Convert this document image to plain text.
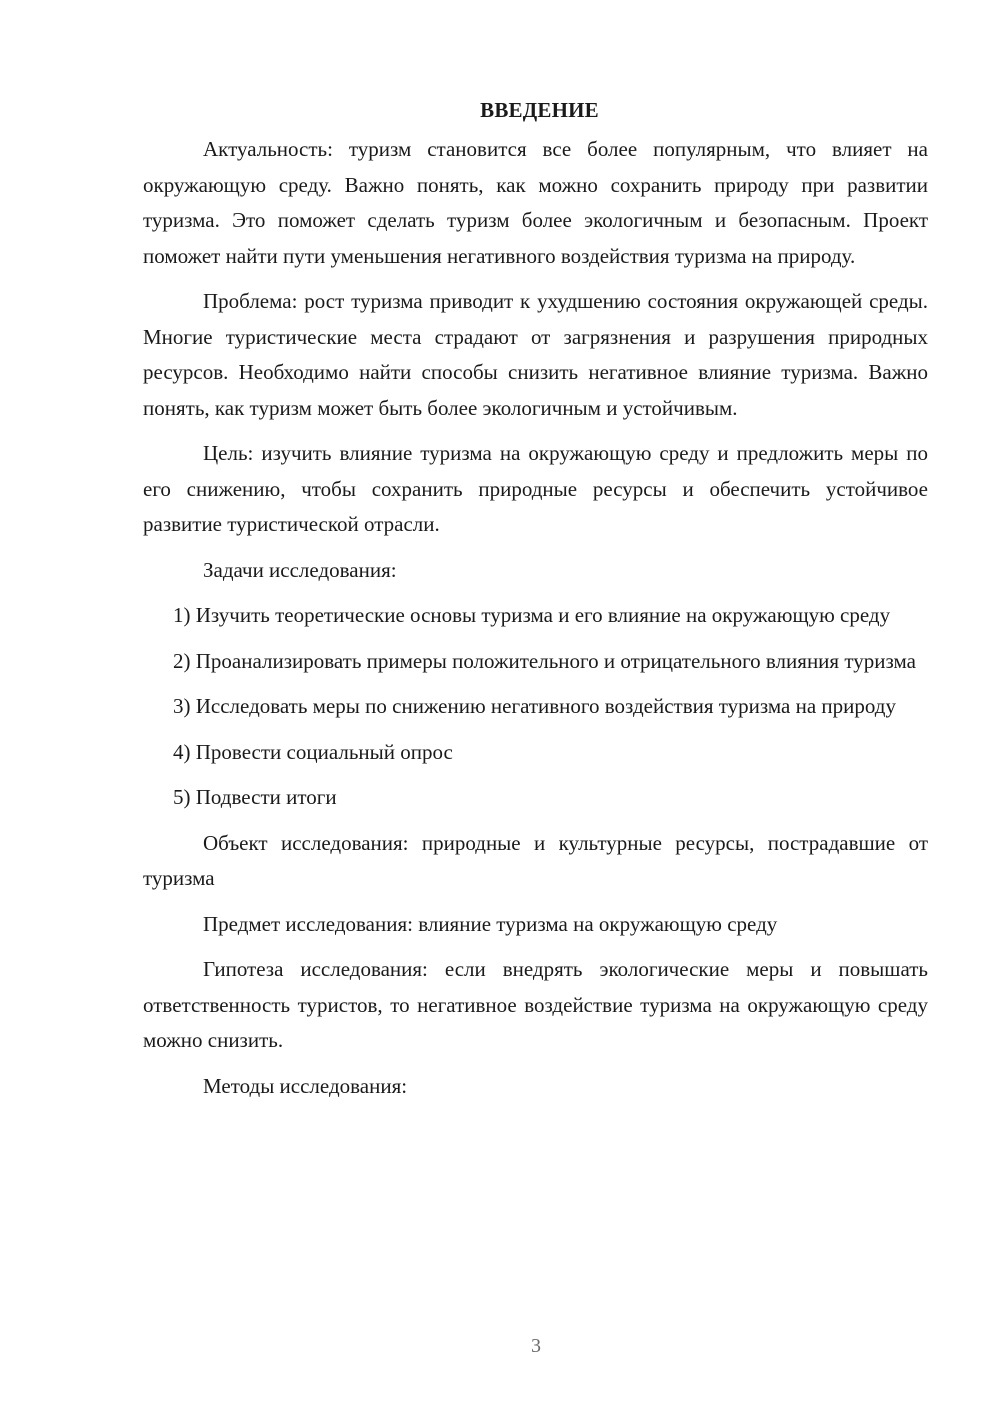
ВВЕДЕНИЕ

Актуальность: туризм становится все более популярным, что влияет на окружающую среду. Важно понять, как можно сохранить природу при развитии туризма. Это поможет сделать туризм более экологичным и безопасным. Проект поможет найти пути уменьшения негативного воздействия туризма на природу.

Проблема: рост туризма приводит к ухудшению состояния окружающей среды. Многие туристические места страдают от загрязнения и разрушения природных ресурсов. Необходимо найти способы снизить негативное влияние туризма. Важно понять, как туризм может быть более экологичным и устойчивым.

Цель: изучить влияние туризма на окружающую среду и предложить меры по его снижению, чтобы сохранить природные ресурсы и обеспечить устойчивое развитие туристической отрасли.

Задачи исследования:

1) Изучить теоретические основы туризма и его влияние на окружающую среду

2) Проанализировать примеры положительного и отрицательного влияния туризма

3) Исследовать меры по снижению негативного воздействия туризма на природу

4) Провести социальный опрос

5) Подвести итоги

Объект исследования: природные и культурные ресурсы, пострадавшие от туризма

Предмет исследования: влияние туризма на окружающую среду

Гипотеза исследования: если внедрять экологические меры и повышать ответственность туристов, то негативное воздействие туризма на окружающую среду можно снизить.

Методы исследования:

3
